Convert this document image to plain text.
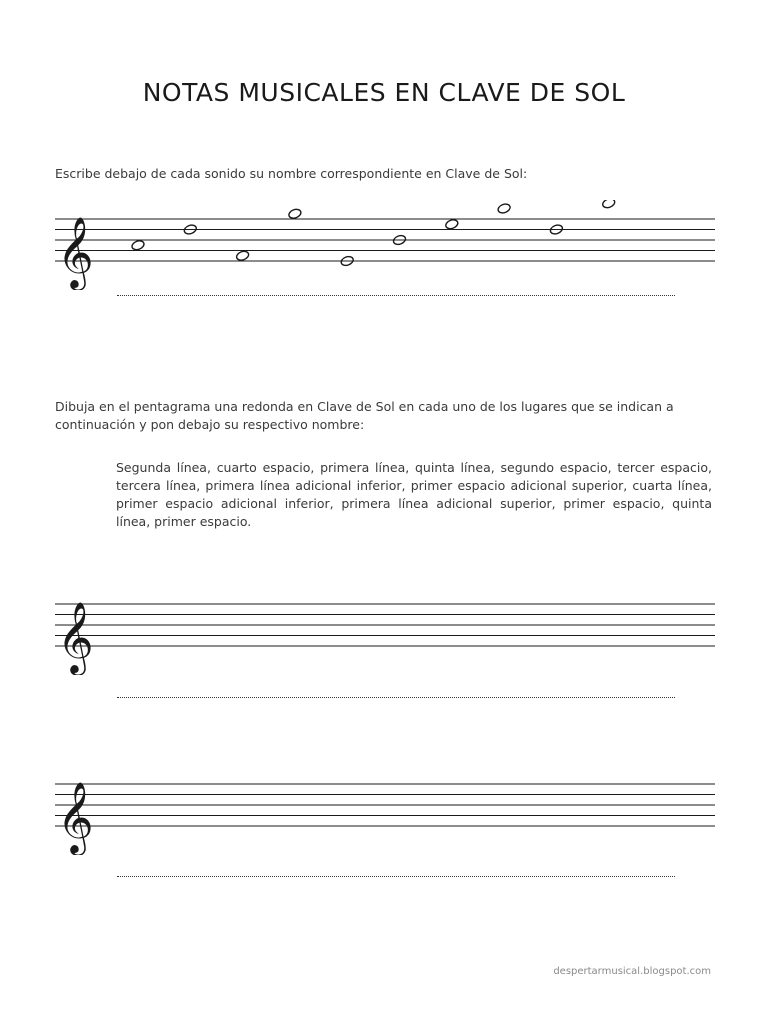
NOTAS MUSICALES EN CLAVE DE SOL
Escribe debajo de cada sonido su nombre correspondiente en Clave de Sol:
𝄞
Dibuja en el pentagrama una redonda en Clave de Sol en cada uno de los lugares que se indican a continuación y pon debajo su respectivo nombre:
Segunda línea, cuarto espacio, primera línea, quinta línea, segundo espacio, tercer espacio, tercera línea, primera línea adicional inferior, primer espacio adicional superior, cuarta línea, primer espacio adicional inferior, primera línea adicional superior, primer espacio, quinta línea, primer espacio.
𝄞
𝄞
despertarmusical.blogspot.com
